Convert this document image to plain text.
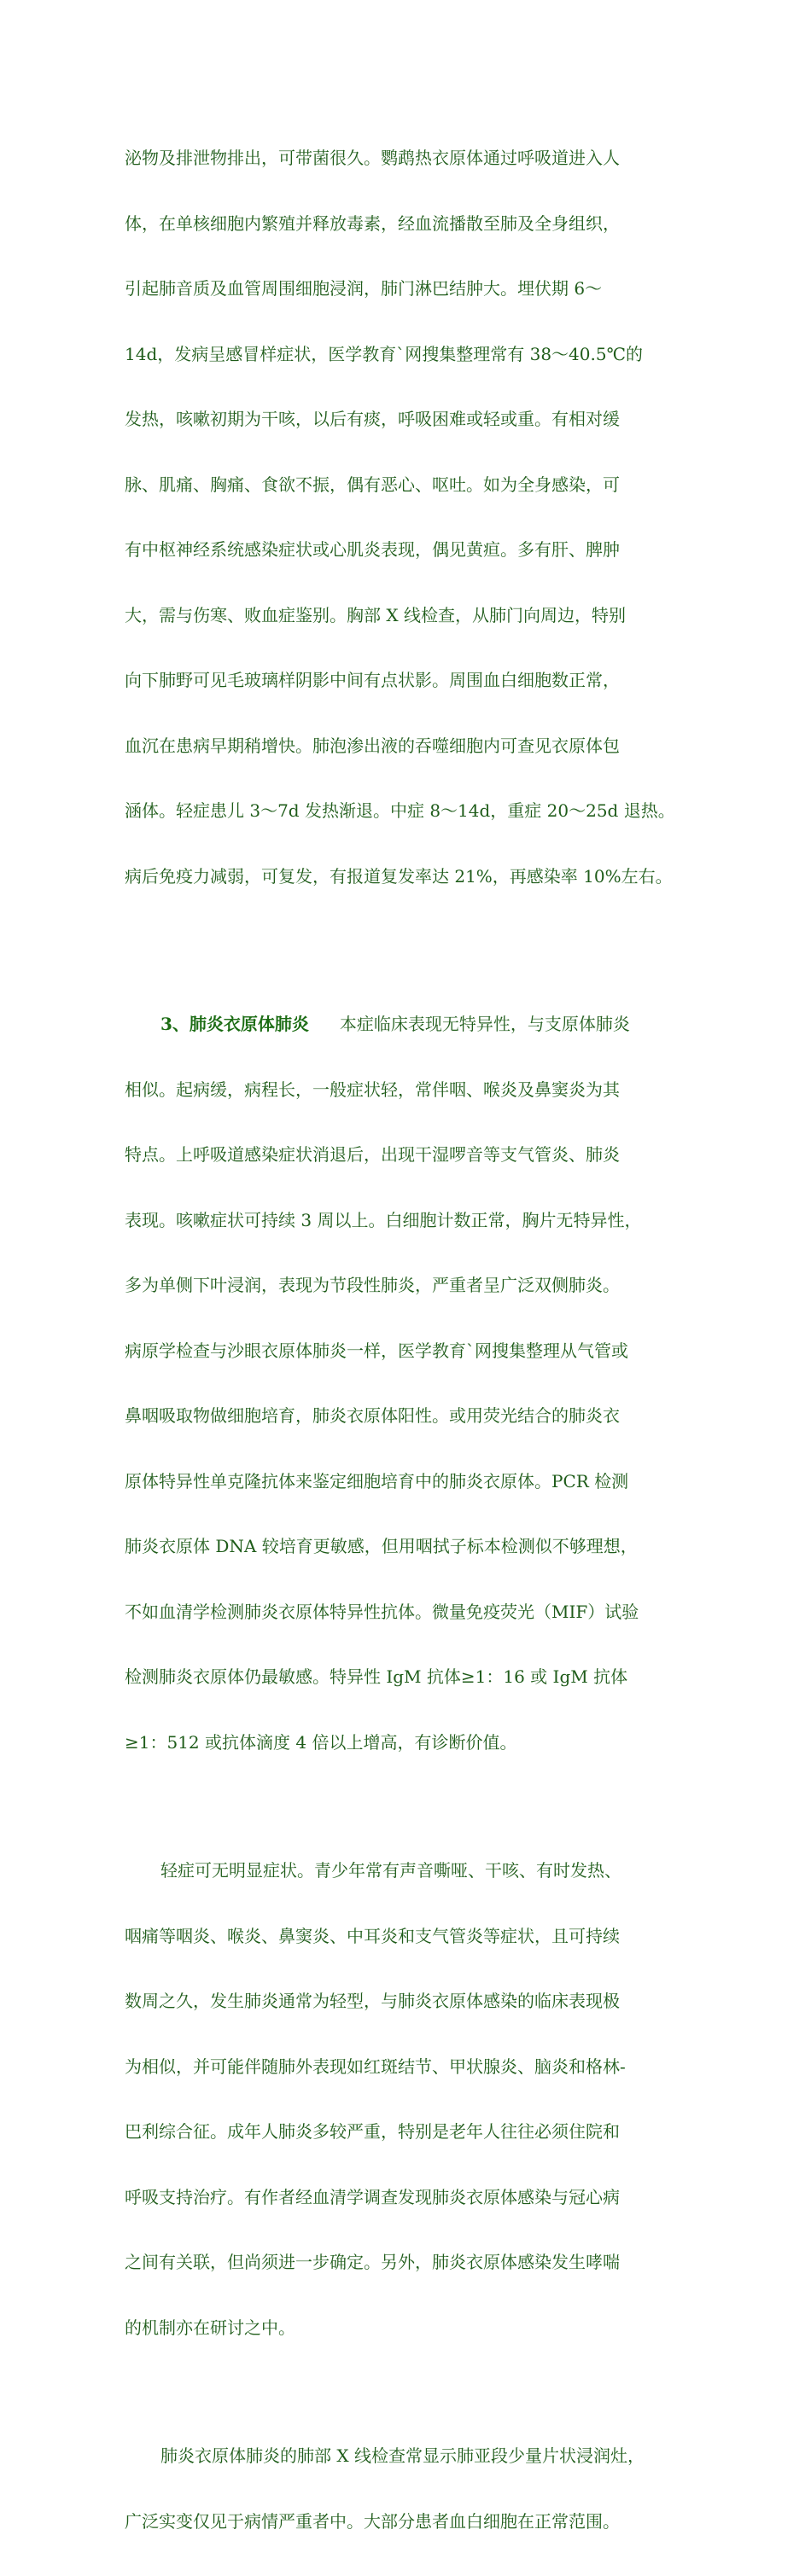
泌物及排泄物排出，可带菌很久。鹦鹉热衣原体通过呼吸道进入人

体，在单核细胞内繁殖并释放毒素，经血流播散至肺及全身组织，

引起肺音质及血管周围细胞浸润，肺门淋巴结肿大。埋伏期 6～

14d，发病呈感冒样症状，医学教育`网搜集整理常有 38～40.5℃的

发热，咳嗽初期为干咳，以后有痰，呼吸困难或轻或重。有相对缓

脉、肌痛、胸痛、食欲不振，偶有恶心、呕吐。如为全身感染，可

有中枢神经系统感染症状或心肌炎表现，偶见黄疸。多有肝、脾肿

大，需与伤寒、败血症鉴别。胸部 X 线检查，从肺门向周边，特别

向下肺野可见毛玻璃样阴影中间有点状影。周围血白细胞数正常，

血沉在患病早期稍增快。肺泡渗出液的吞噬细胞内可查见衣原体包

涵体。轻症患儿 3～7d 发热渐退。中症 8～14d，重症 20～25d 退热。

病后免疫力减弱，可复发，有报道复发率达 21%，再感染率 10%左右。

3、肺炎衣原体肺炎 本症临床表现无特异性，与支原体肺炎

相似。起病缓，病程长，一般症状轻，常伴咽、喉炎及鼻窦炎为其

特点。上呼吸道感染症状消退后，出现干湿啰音等支气管炎、肺炎

表现。咳嗽症状可持续 3 周以上。白细胞计数正常，胸片无特异性，

多为单侧下叶浸润，表现为节段性肺炎，严重者呈广泛双侧肺炎。

病原学检查与沙眼衣原体肺炎一样，医学教育`网搜集整理从气管或

鼻咽吸取物做细胞培育，肺炎衣原体阳性。或用荧光结合的肺炎衣

原体特异性单克隆抗体来鉴定细胞培育中的肺炎衣原体。PCR 检测

肺炎衣原体 DNA 较培育更敏感，但用咽拭子标本检测似不够理想，

不如血清学检测肺炎衣原体特异性抗体。微量免疫荧光（MIF）试验

检测肺炎衣原体仍最敏感。特异性 IgM 抗体≥1：16 或 IgM 抗体

≥1：512 或抗体滴度 4 倍以上增高，有诊断价值。

轻症可无明显症状。青少年常有声音嘶哑、干咳、有时发热、

咽痛等咽炎、喉炎、鼻窦炎、中耳炎和支气管炎等症状，且可持续

数周之久，发生肺炎通常为轻型，与肺炎衣原体感染的临床表现极

为相似，并可能伴随肺外表现如红斑结节、甲状腺炎、脑炎和格林-

巴利综合征。成年人肺炎多较严重，特别是老年人往往必须住院和

呼吸支持治疗。有作者经血清学调查发现肺炎衣原体感染与冠心病

之间有关联，但尚须进一步确定。另外，肺炎衣原体感染发生哮喘

的机制亦在研讨之中。

肺炎衣原体肺炎的肺部 X 线检查常显示肺亚段少量片状浸润灶，

广泛实变仅见于病情严重者中。大部分患者血白细胞在正常范围。
